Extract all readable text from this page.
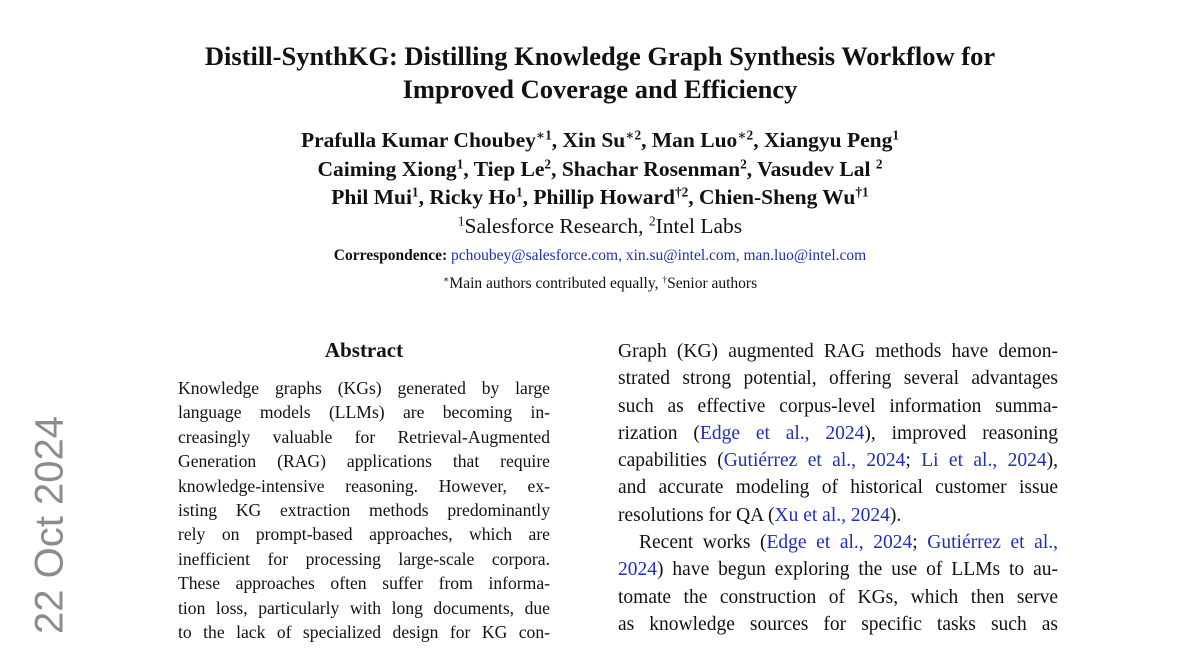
Distill-SynthKG: Distilling Knowledge Graph Synthesis Workflow for
Improved Coverage and Efficiency
Prafulla Kumar Choubey$^{∗1}$, Xin $Su^{∗2}$, Man Luo$^{∗2}$, Xiangyu Peng$^1$
Caiming Xiong$^1$, Tiep Le$^2$, Shachar Rosenman$^2$, Vasudev Lal $^2$
Phil Mui$^1$, Ricky Ho$^1$, Phillip Howard$^{\dagger 2}$, Chien-Sheng Wu$^{\dagger 1}$
$^1$Salesforce Research, $^2$Intel Labs
Correspondence: pchoubey@salesforce.com, xin.su@intel.com, man.luo@intel.com
∗Main authors contributed equally, †Senior authors
Abstract
Knowledge graphs (KGs) generated by large
language models (LLMs) are becoming in-
creasingly valuable for Retrieval-Augmented
Generation (RAG) applications that require
knowledge-intensive reasoning. However, ex-
isting KG extraction methods predominantly
rely on prompt-based approaches, which are
inefficient for processing large-scale corpora.
These approaches often suffer from informa-
tion loss, particularly with long documents, due
to the lack of specialized design for KG con-
Graph (KG) augmented RAG methods have demon-
strated strong potential, offering several advantages
such as effective corpus-level information summa-
rization (Edge et al., 2024), improved reasoning
capabilities (Gutiérrez et al., 2024; Li et al., 2024),
and accurate modeling of historical customer issue
resolutions for QA (Xu et al., 2024).
Recent works (Edge et al., 2024; Gutiérrez et al.,
2024) have begun exploring the use of LLMs to au-
tomate the construction of KGs, which then serve
as knowledge sources for specific tasks such as
22 Oct 2024
